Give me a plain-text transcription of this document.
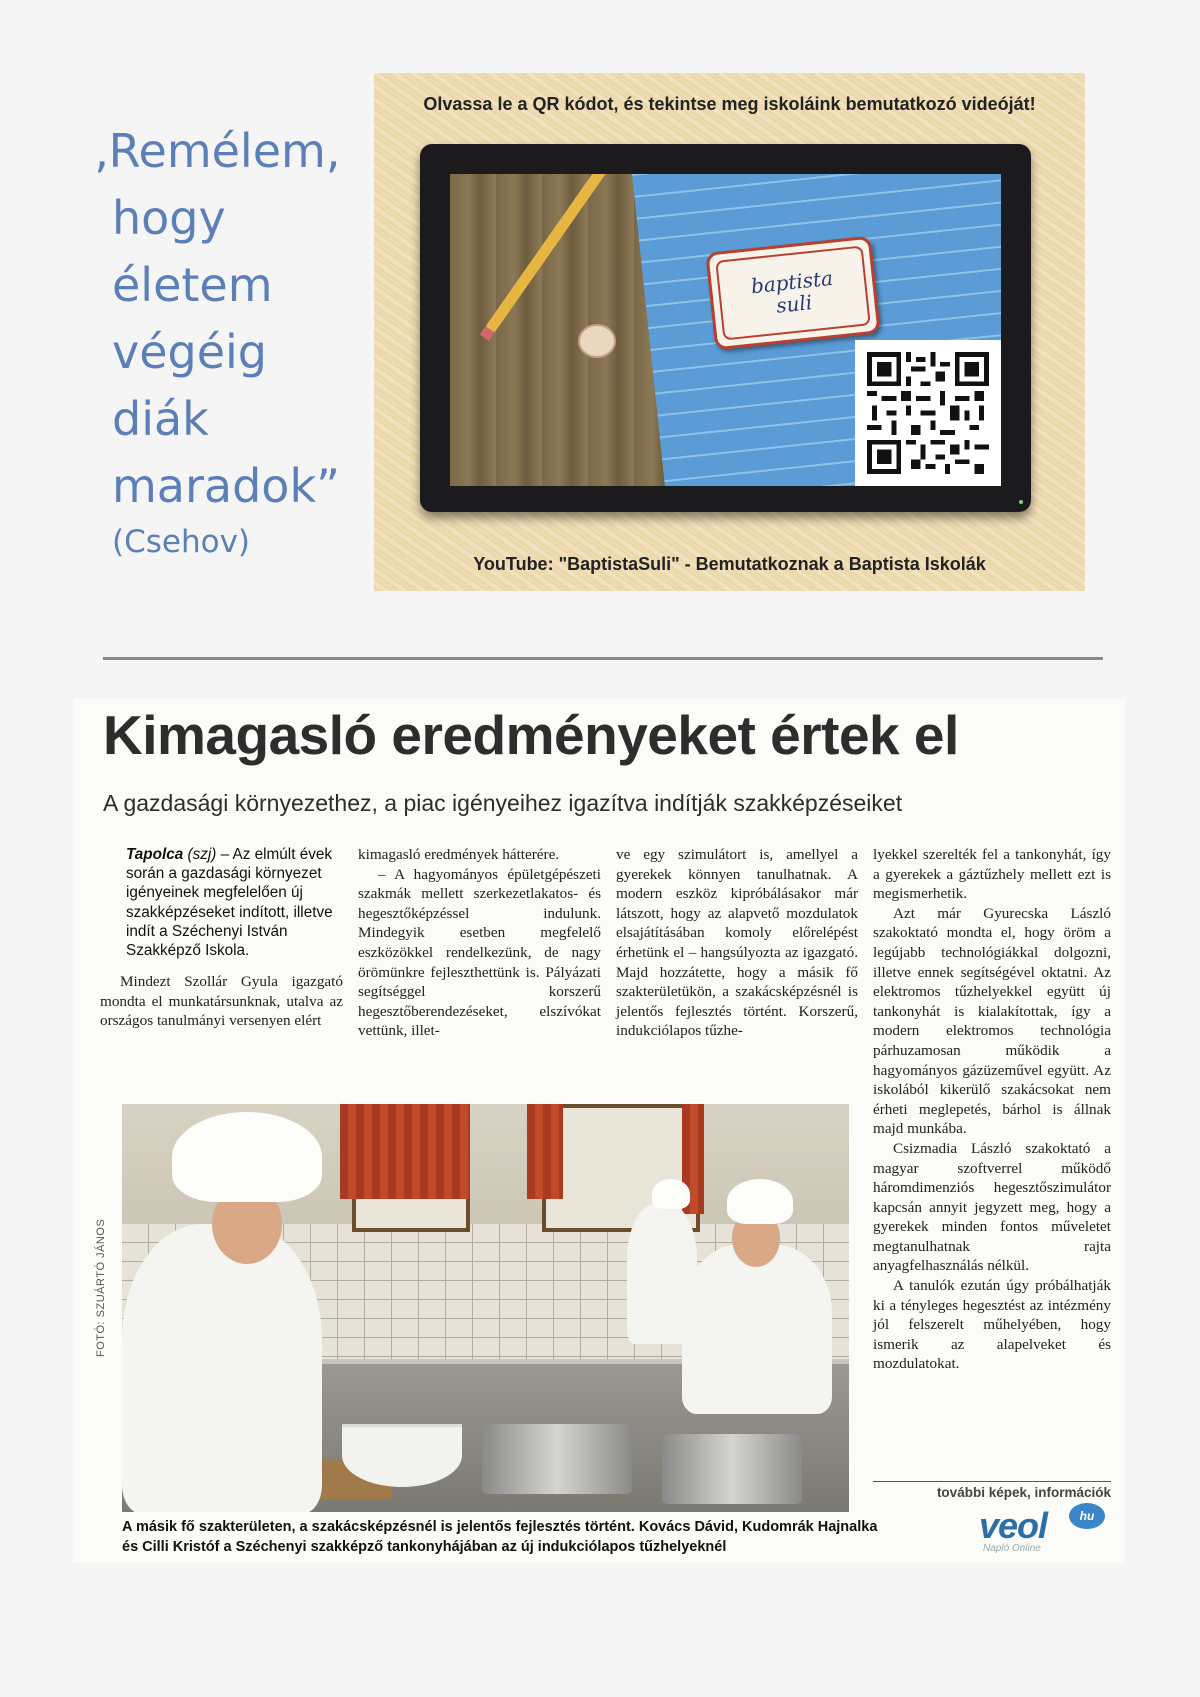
‚Remélem,
hogy
életem
végéig
diák
maradok”
(Csehov)
Olvassa le a QR kódot, és tekintse meg iskoláink bemutatkozó videóját!
baptista
suli
YouTube: "BaptistaSuli" - Bemutatkoznak a Baptista Iskolák
Kimagasló eredményeket értek el
A gazdasági környezethez, a piac igényeihez igazítva indítják szakképzéseiket

Tapolca (szj) – Az elmúlt évek során a gazdasági környezet igényeinek megfelelően új szakképzéseket indított, illetve indít a Széchenyi István Szakképző Iskola.

Mindezt Szollár Gyula igazgató mondta el munkatársunknak, utalva az országos tanulmányi versenyen elért

kimagasló eredmények hátterére.

– A hagyományos épületgépészeti szakmák mellett szerkezetlakatos- és hegesztőképzéssel indulunk. Mindegyik esetben megfelelő eszközökkel rendelkezünk, de nagy örömünkre fejleszthettünk is. Pályázati segítséggel korszerű hegesztőberendezéseket, elszívókat vettünk, illet-

ve egy szimulátort is, amellyel a gyerekek könnyen tanulhatnak. A modern eszköz kipróbálásakor már látszott, hogy az alapvető mozdulatok elsajátításában komoly előrelépést érhetünk el – hangsúlyozta az igazgató. Majd hozzátette, hogy a másik fő szakterületükön, a szakácsképzésnél is jelentős fejlesztés történt. Korszerű, indukciólapos tűzhe-

lyekkel szerelték fel a tankonyhát, így a gyerekek a gáztűzhely mellett ezt is megismerhetik.

Azt már Gyurecska László szakoktató mondta el, hogy öröm a legújabb technológiákkal dolgozni, illetve ennek segítségével oktatni. Az elektromos tűzhelyekkel együtt új tankonyhát is kialakítottak, így a modern elektromos technológia párhuzamosan működik a hagyományos gázüzeművel együtt. Az iskolából kikerülő szakácsokat nem érheti meglepetés, bárhol is állnak majd munkába.

Csizmadia László szakoktató a magyar szoftverrel működő háromdimenziós hegesztőszimulátor kapcsán annyit jegyzett meg, hogy a gyerekek minden fontos műveletet megtanulhatnak rajta anyagfelhasználás nélkül.

A tanulók ezután úgy próbálhatják ki a tényleges hegesztést az intézmény jól felszerelt műhelyében, hogy ismerik az alapelveket és mozdulatokat.

FOTÓ: SZUÁRTÓ JÁNOS
A másik fő szakterületen, a szakácsképzésnél is jelentős fejlesztés történt. Kovács Dávid, Kudomrák Hajnalka és Cilli Kristóf a Széchenyi szakképző tankonyhájában az új indukciólapos tűzhelyeknél
további képek, információk
veol	hu
Napló Online
